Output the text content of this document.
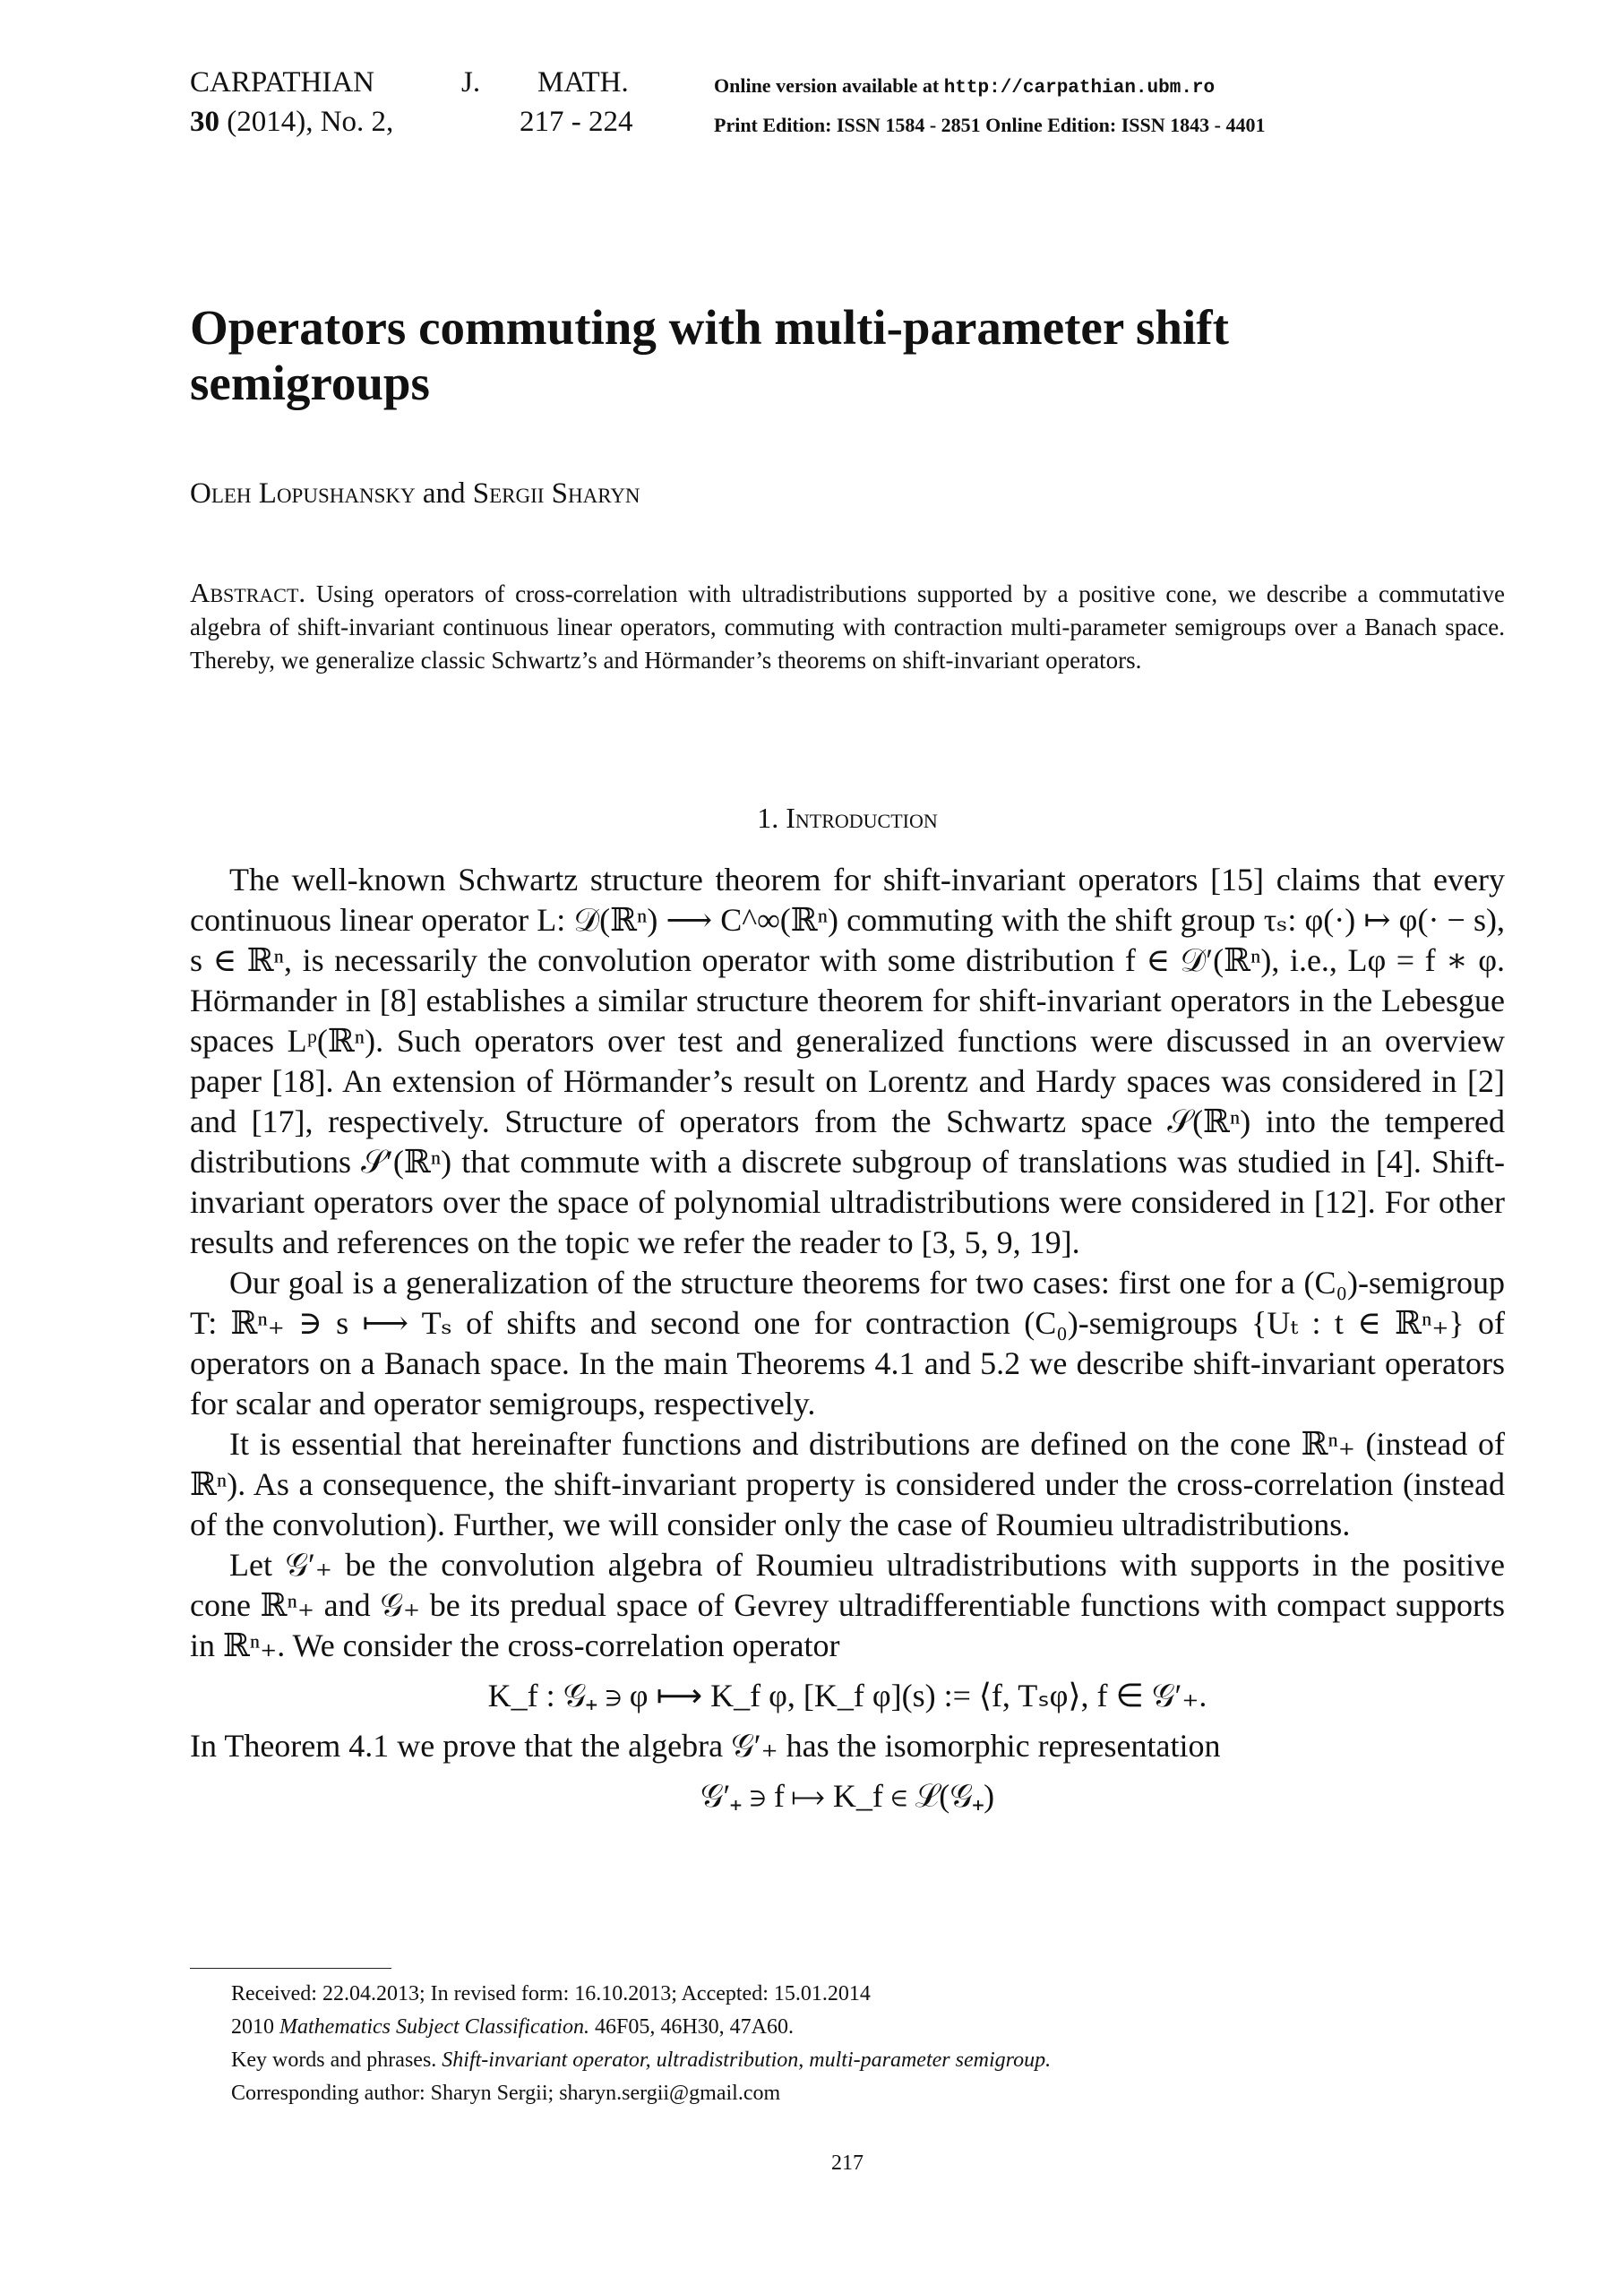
CARPATHIAN	J. MATH.
30 (2014), No. 2,	217 - 224
Online version available at http://carpathian.ubm.ro
Print Edition: ISSN 1584 - 2851 Online Edition: ISSN 1843 - 4401
Operators commuting with multi-parameter shift semigroups
Oleh Lopushansky and Sergii Sharyn
Abstract. Using operators of cross-correlation with ultradistributions supported by a positive cone, we describe a commutative algebra of shift-invariant continuous linear operators, commuting with contraction multi-parameter semigroups over a Banach space. Thereby, we generalize classic Schwartz’s and Hörmander’s theorems on shift-invariant operators.
1. Introduction

The well-known Schwartz structure theorem for shift-invariant operators [15] claims that every continuous linear operator L: 𝒟(ℝⁿ) ⟶ C^∞(ℝⁿ) commuting with the shift group τₛ: φ(·) ↦ φ(· − s), s ∈ ℝⁿ, is necessarily the convolution operator with some distribution f ∈ 𝒟′(ℝⁿ), i.e., Lφ = f ∗ φ. Hörmander in [8] establishes a similar structure theorem for shift-invariant operators in the Lebesgue spaces Lᵖ(ℝⁿ). Such operators over test and generalized functions were discussed in an overview paper [18]. An extension of Hörmander’s result on Lorentz and Hardy spaces was considered in [2] and [17], respectively. Structure of operators from the Schwartz space 𝒮(ℝⁿ) into the tempered distributions 𝒮′(ℝⁿ) that commute with a discrete subgroup of translations was studied in [4]. Shift-invariant operators over the space of polynomial ultradistributions were considered in [12]. For other results and references on the topic we refer the reader to [3, 5, 9, 19].

Our goal is a generalization of the structure theorems for two cases: first one for a (C₀)-semigroup T: ℝⁿ₊ ∋ s ⟼ Tₛ of shifts and second one for contraction (C₀)-semigroups {Uₜ : t ∈ ℝⁿ₊} of operators on a Banach space. In the main Theorems 4.1 and 5.2 we describe shift-invariant operators for scalar and operator semigroups, respectively.

It is essential that hereinafter functions and distributions are defined on the cone ℝⁿ₊ (instead of ℝⁿ). As a consequence, the shift-invariant property is considered under the cross-correlation (instead of the convolution). Further, we will consider only the case of Roumieu ultradistributions.

Let 𝒢′₊ be the convolution algebra of Roumieu ultradistributions with supports in the positive cone ℝⁿ₊ and 𝒢₊ be its predual space of Gevrey ultradifferentiable functions with compact supports in ℝⁿ₊. We consider the cross-correlation operator

K_f : 𝒢₊ ∋ φ ⟼ K_f φ, [K_f φ](s) := ⟨f, Tₛφ⟩, f ∈ 𝒢′₊.

In Theorem 4.1 we prove that the algebra 𝒢′₊ has the isomorphic representation

𝒢′₊ ∋ f ⟼ K_f ∈ ℒ(𝒢₊)
Received: 22.04.2013; In revised form: 16.10.2013; Accepted: 15.01.2014
2010 Mathematics Subject Classification. 46F05, 46H30, 47A60.
Key words and phrases. Shift-invariant operator, ultradistribution, multi-parameter semigroup.
Corresponding author: Sharyn Sergii; sharyn.sergii@gmail.com
217
